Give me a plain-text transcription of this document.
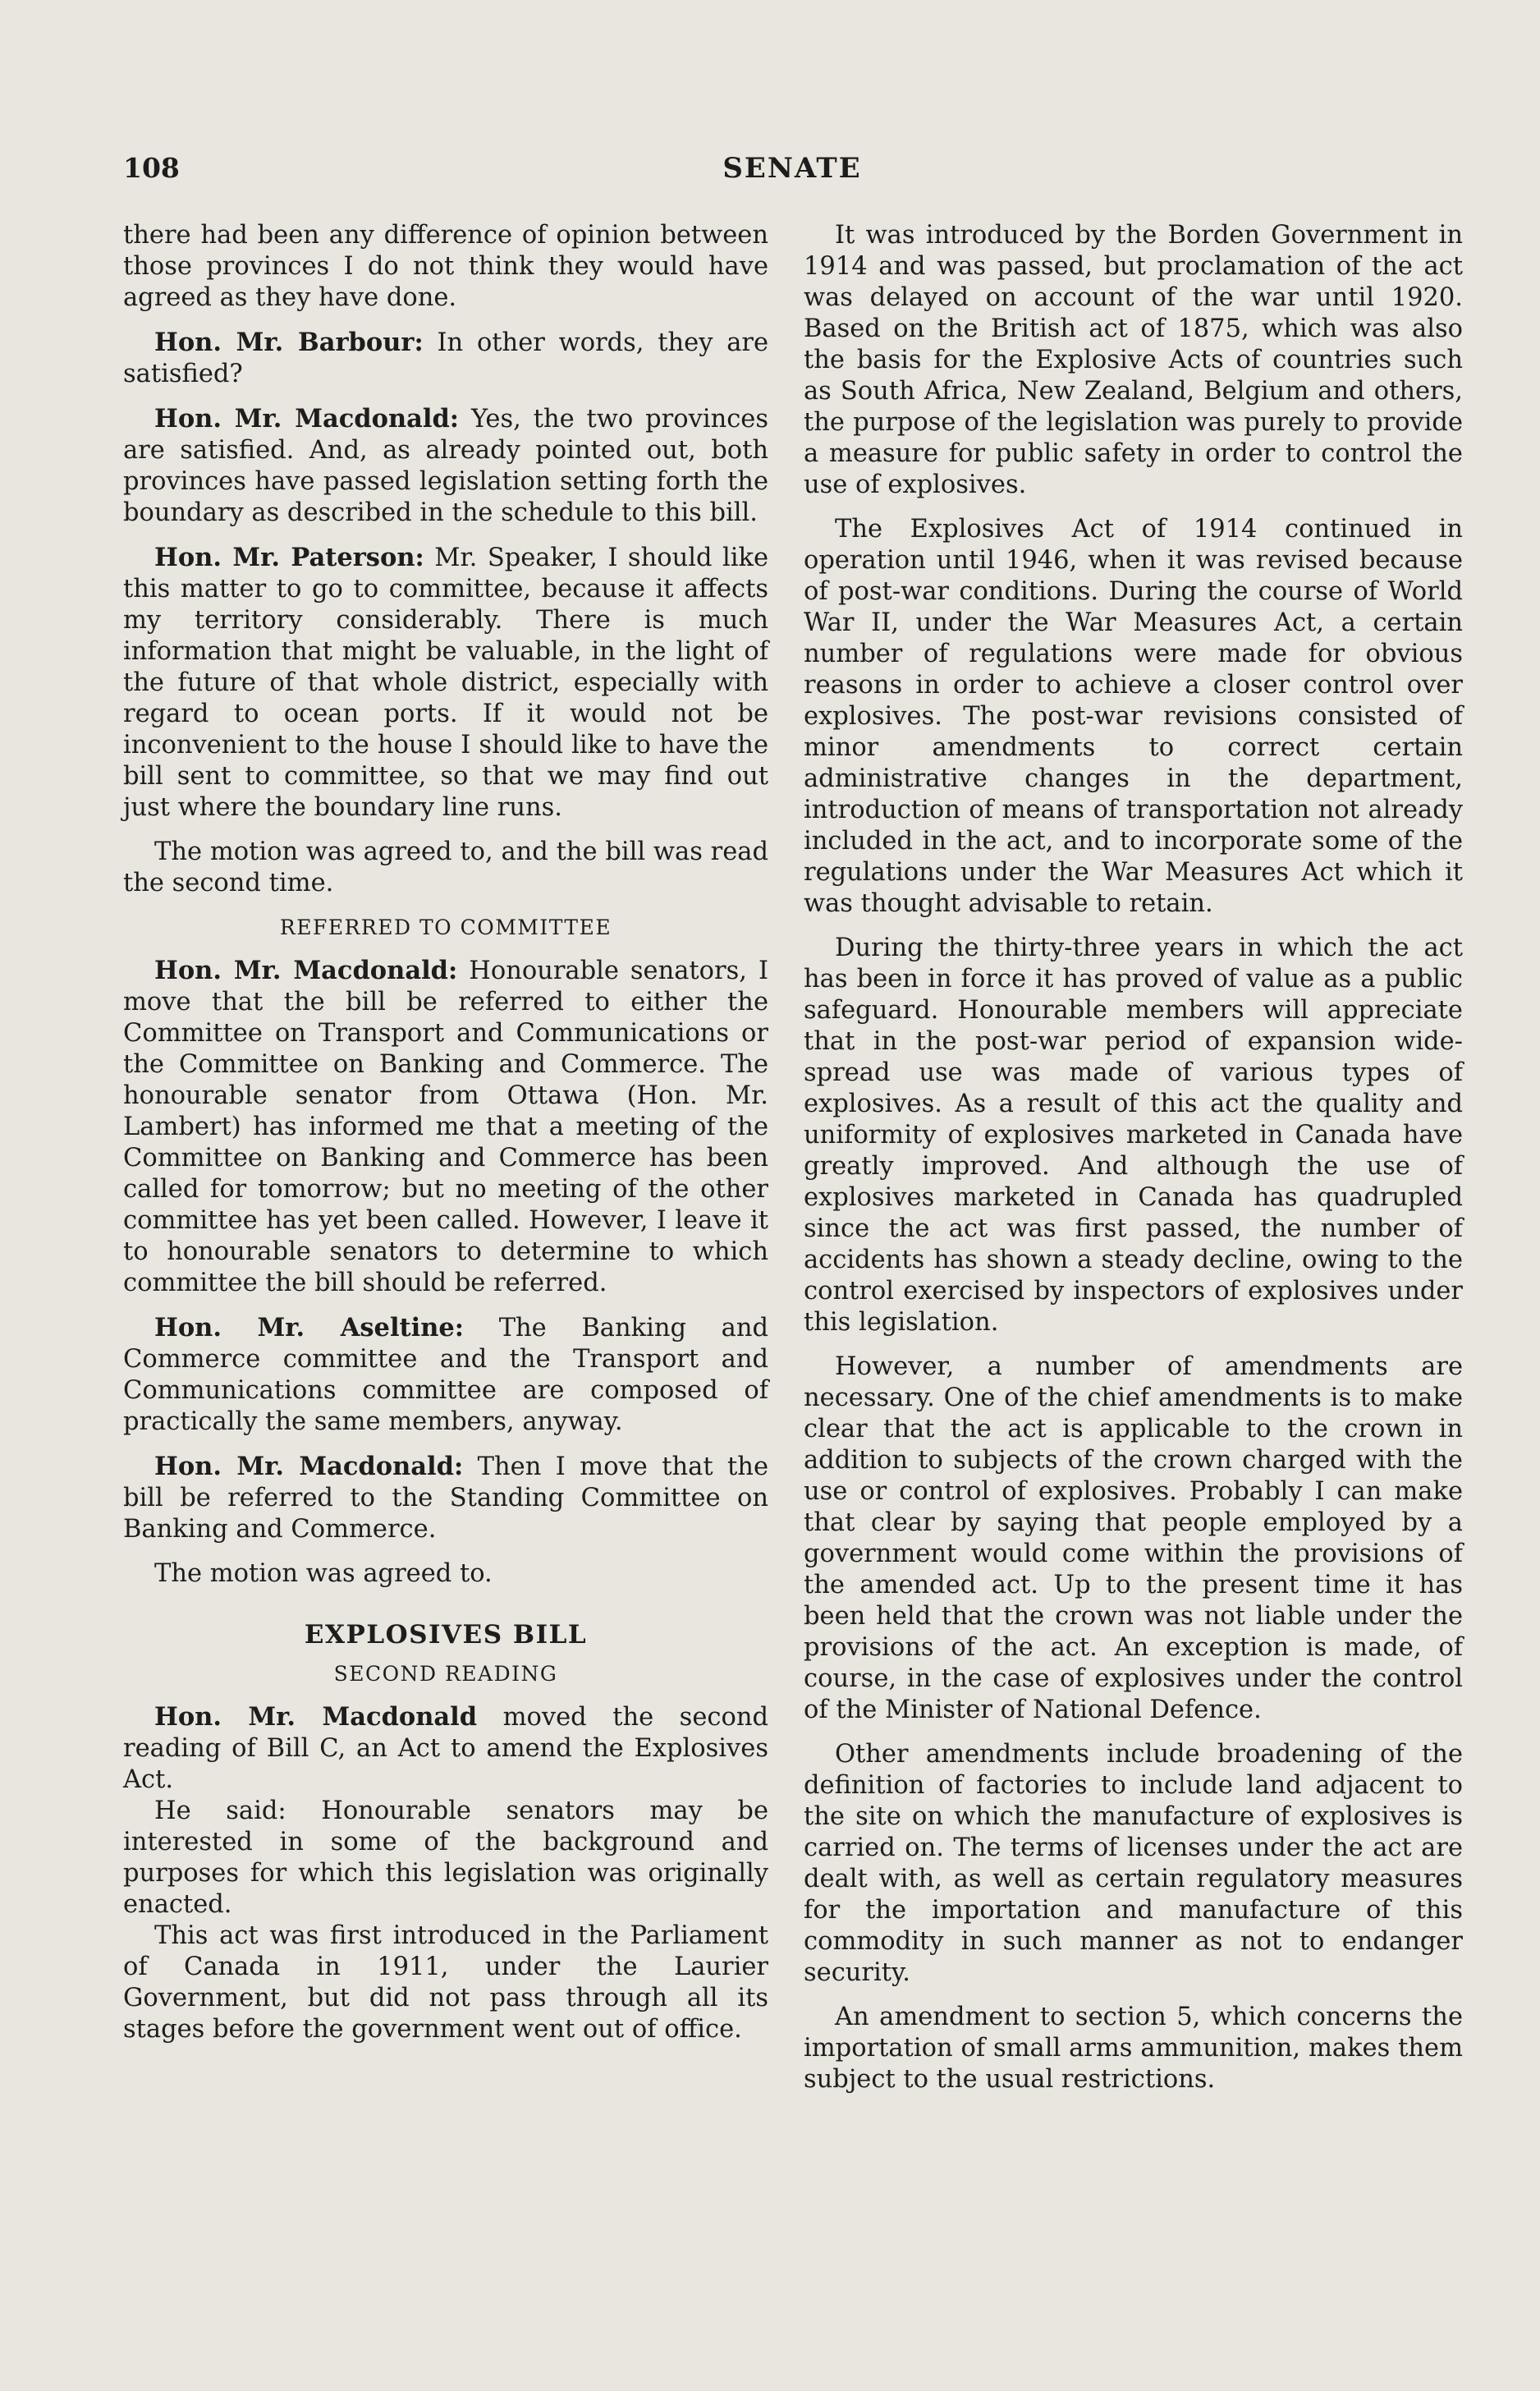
108	SENATE

there had been any difference of opinion between those provinces I do not think they would have agreed as they have done.

Hon. Mr. Barbour: In other words, they are satisfied?

Hon. Mr. Macdonald: Yes, the two provinces are satisfied. And, as already pointed out, both provinces have passed legislation setting forth the boundary as described in the schedule to this bill.

Hon. Mr. Paterson: Mr. Speaker, I should like this matter to go to committee, because it affects my territory considerably. There is much information that might be valuable, in the light of the future of that whole district, especially with regard to ocean ports. If it would not be inconvenient to the house I should like to have the bill sent to committee, so that we may find out just where the boundary line runs.

The motion was agreed to, and the bill was read the second time.

REFERRED TO COMMITTEE

Hon. Mr. Macdonald: Honourable senators, I move that the bill be referred to either the Committee on Transport and Communications or the Committee on Banking and Commerce. The honourable senator from Ottawa (Hon. Mr. Lambert) has informed me that a meeting of the Committee on Banking and Commerce has been called for tomorrow; but no meeting of the other committee has yet been called. However, I leave it to honourable senators to determine to which committee the bill should be referred.

Hon. Mr. Aseltine: The Banking and Commerce committee and the Transport and Communications committee are composed of practically the same members, anyway.

Hon. Mr. Macdonald: Then I move that the bill be referred to the Standing Committee on Banking and Commerce.

The motion was agreed to.

EXPLOSIVES BILL
SECOND READING

Hon. Mr. Macdonald moved the second reading of Bill C, an Act to amend the Explosives Act.

He said: Honourable senators may be interested in some of the background and purposes for which this legislation was originally enacted.

This act was first introduced in the Parliament of Canada in 1911, under the Laurier Government, but did not pass through all its stages before the government went out of office.

It was introduced by the Borden Government in 1914 and was passed, but proclamation of the act was delayed on account of the war until 1920. Based on the British act of 1875, which was also the basis for the Explosive Acts of countries such as South Africa, New Zealand, Belgium and others, the purpose of the legislation was purely to provide a measure for public safety in order to control the use of explosives.

The Explosives Act of 1914 continued in operation until 1946, when it was revised because of post-war conditions. During the course of World War II, under the War Measures Act, a certain number of regulations were made for obvious reasons in order to achieve a closer control over explosives. The post-war revisions consisted of minor amendments to correct certain administrative changes in the department, introduction of means of transportation not already included in the act, and to incorporate some of the regulations under the War Measures Act which it was thought advisable to retain.

During the thirty-three years in which the act has been in force it has proved of value as a public safeguard. Honourable members will appreciate that in the post-war period of expansion wide-spread use was made of various types of explosives. As a result of this act the quality and uniformity of explosives marketed in Canada have greatly improved. And although the use of explosives marketed in Canada has quadrupled since the act was first passed, the number of accidents has shown a steady decline, owing to the control exercised by inspectors of explosives under this legislation.

However, a number of amendments are necessary. One of the chief amendments is to make clear that the act is applicable to the crown in addition to subjects of the crown charged with the use or control of explosives. Probably I can make that clear by saying that people employed by a government would come within the provisions of the amended act. Up to the present time it has been held that the crown was not liable under the provisions of the act. An exception is made, of course, in the case of explosives under the control of the Minister of National Defence.

Other amendments include broadening of the definition of factories to include land adjacent to the site on which the manufacture of explosives is carried on. The terms of licenses under the act are dealt with, as well as certain regulatory measures for the importation and manufacture of this commodity in such manner as not to endanger security.

An amendment to section 5, which concerns the importation of small arms ammunition, makes them subject to the usual restrictions.
